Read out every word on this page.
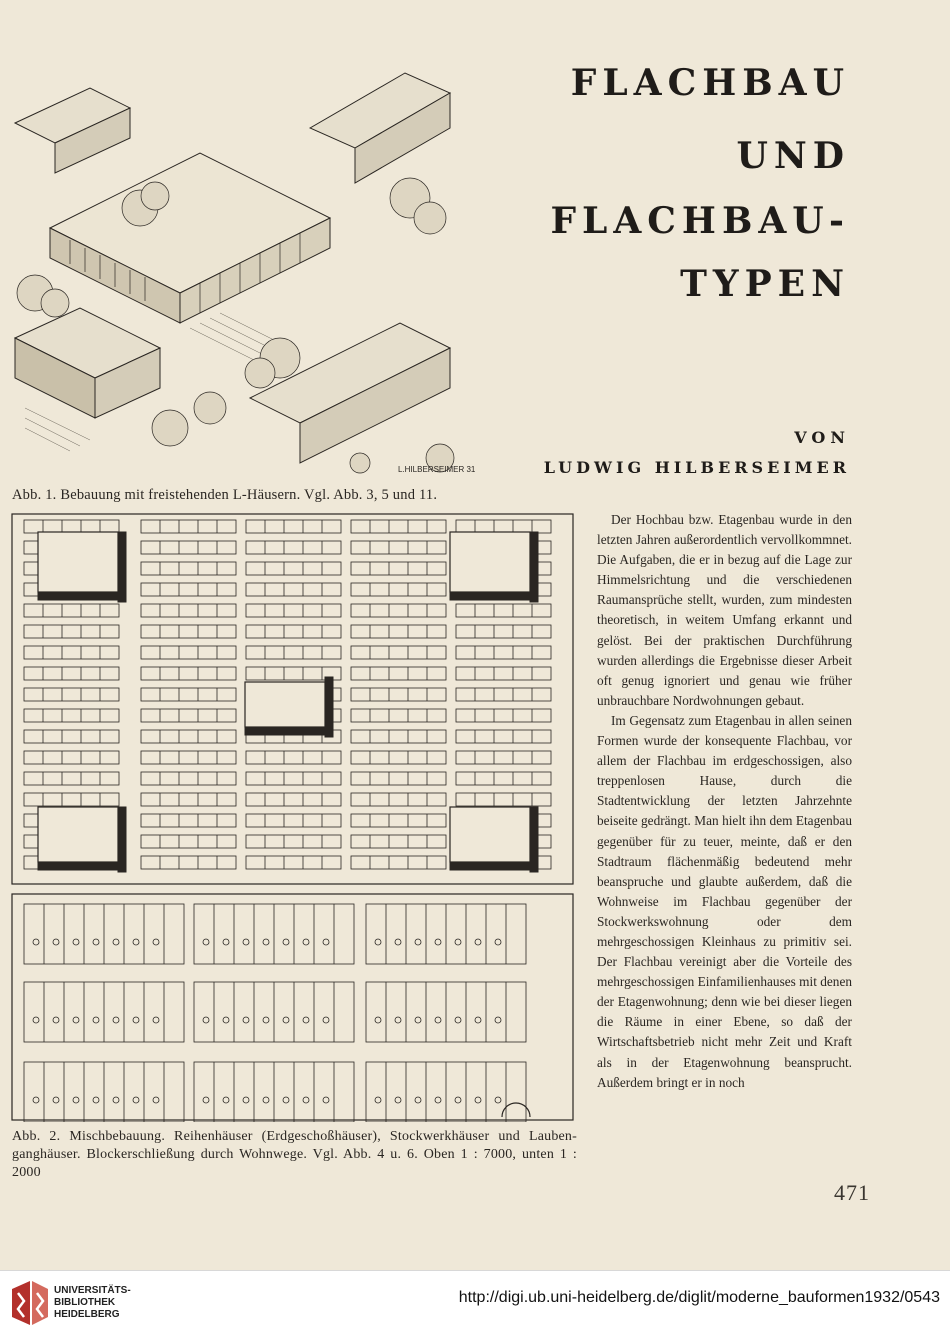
L.HILBERSEIMER 31
Abb. 1. Bebauung mit freistehenden L-Häusern. Vgl. Abb. 3, 5 und 11.
FLACHBAU
UND
FLACHBAU-
TYPEN
VON
LUDWIG HILBERSEIMER
Abb. 2. Mischbebauung. Reihenhäuser (Erdgeschoßhäuser), Stockwerkhäuser und Lauben-
ganghäuser. Blockerschließung durch Wohnwege. Vgl. Abb. 4 u. 6. Oben 1 : 7000, unten 1 : 2000

Der Hochbau bzw. Etagenbau wurde in den letzten Jahren außerordentlich vervollkommnet. Die Aufgaben, die er in bezug auf die Lage zur Himmelsrichtung und die verschiedenen Raumansprüche stellt, wurden, zum mindesten theoretisch, in weitem Umfang erkannt und gelöst. Bei der praktischen Durchführung wurden allerdings die Ergebnisse dieser Arbeit oft genug ignoriert und genau wie früher unbrauchbare Nordwohnungen gebaut.

Im Gegensatz zum Etagenbau in allen seinen Formen wurde der konsequente Flachbau, vor allem der Flachbau im erdgeschossigen, also treppenlosen Hause, durch die Stadtentwicklung der letzten Jahrzehnte beiseite gedrängt. Man hielt ihn dem Etagenbau gegenüber für zu teuer, meinte, daß er den Stadtraum flächenmäßig bedeutend mehr beanspruche und glaubte außerdem, daß die Wohnweise im Flachbau gegenüber der Stockwerkswohnung oder dem mehrgeschossigen Kleinhaus zu primitiv sei. Der Flachbau vereinigt aber die Vorteile des mehrgeschossigen Einfamilienhauses mit denen der Etagenwohnung; denn wie bei dieser liegen die Räume in einer Ebene, so daß der Wirtschaftsbetrieb nicht mehr Zeit und Kraft als in der Etagenwohnung beansprucht. Außerdem bringt er in noch

471
UNIVERSITÄTS-
BIBLIOTHEK
HEIDELBERG
http://digi.ub.uni-heidelberg.de/diglit/moderne_bauformen1932/0543
